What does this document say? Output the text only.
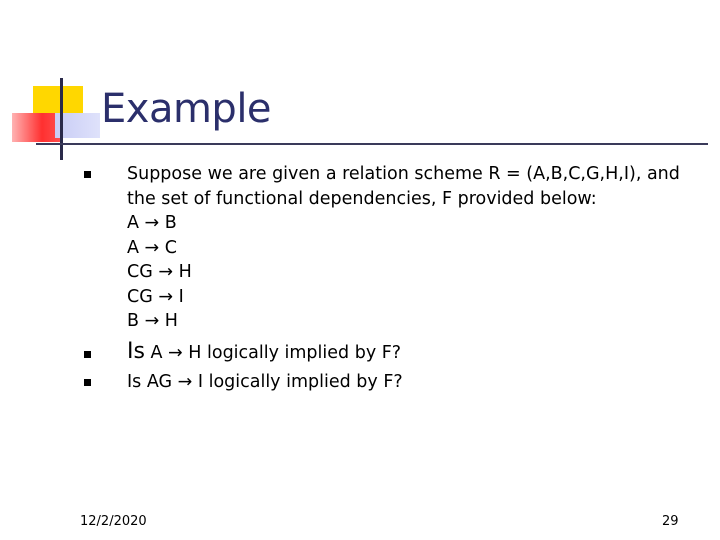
Example
Suppose we are given a relation scheme R = (A,B,C,G,H,I), and
the set of functional dependencies, F provided below:
A → B
A → C
CG → H
CG → I
B → H
Is A → H logically implied by F?
Is AG → I logically implied by F?
12/2/2020	29
